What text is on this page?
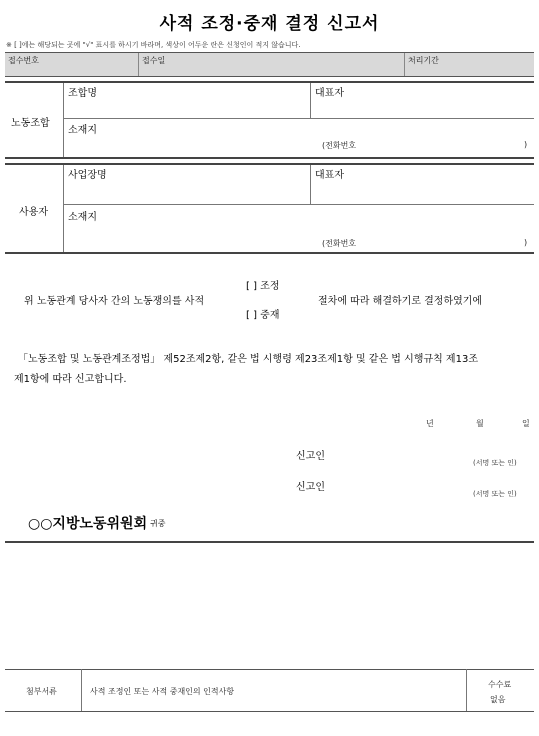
사적 조정·중재 결정 신고서
※ [ ]에는 해당되는 곳에 "√" 표시를 하시기 바라며, 색상이 어두운 란은 신청인이 적지 않습니다.
접수번호	접수일	처리기간
노동조합
조합명	대표자
소재지
(전화번호	)
사용자
사업장명	대표자
소재지
(전화번호	)
위 노동관계 당사자 간의 노동쟁의를 사적
[ ] 조정
[ ] 중재
절차에 따라 해결하기로 결정하였기에
「노동조합 및 노동관계조정법」 제52조제2항, 같은 법 시행령 제23조제1항 및 같은 법 시행규칙 제13조
제1항에 따라 신고합니다.
년	월	일
신고인
(서명 또는 인)
신고인
(서명 또는 인)
○○지방노동위원회 귀중
첨부서류	사적 조정인 또는 사적 중재인의 인적사항
수수료
없음
